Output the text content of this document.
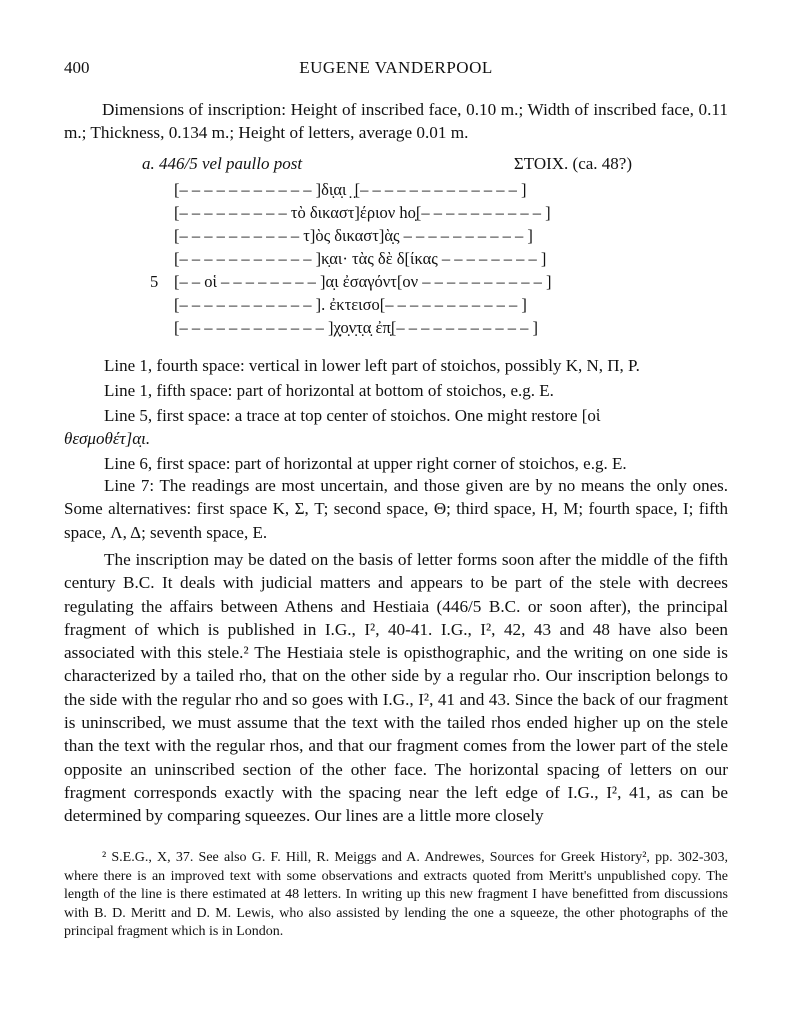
400	EUGENE VANDERPOOL
Dimensions of inscription: Height of inscribed face, 0.10 m.; Width of inscribed face, 0.11 m.; Thickness, 0.134 m.; Height of letters, average 0.01 m.
a. 446/5 vel paullo post	ΣTOIX. (ca. 48?)
[– – – – – – – – – – – ]δι̣α̣ι ̣ ̣[– – – – – – – – – – – – – ]
[– – – – – – – – – τὸ δικαστ]έριον hο̣[– – – – – – – – – – ]
[– – – – – – – – – – τ]ὸς δικαστ]ὰ̣ς – – – – – – – – – – ]
[– – – – – – – – – – – ]κ̣αι· τὰς δὲ δ[ίκας – – – – – – – – ]
5 [– – οἱ – – – – – – – – ]α̣ι ἐσαγόντ[ον – – – – – – – – – – ]
[– – – – – – – – – – – ]. ἐκτεισο[– – – – – – – – – – – ]
[– – – – – – – – – – – – ]χ̣ο̣ν̣τ̣α̣ ἐπ̣[– – – – – – – – – – – ]
Line 1, fourth space: vertical in lower left part of stoichos, possibly K, N, Π, P.
Line 1, fifth space: part of horizontal at bottom of stoichos, e.g. E.
Line 5, first space: a trace at top center of stoichos. One might restore [οἱ
θεσμοθέτ]α̣ι.
Line 6, first space: part of horizontal at upper right corner of stoichos, e.g. E.
Line 7: The readings are most uncertain, and those given are by no means the only ones. Some alternatives: first space K, Σ, T; second space, Θ; third space, H, M; fourth space, I; fifth space, Λ, Δ; seventh space, E.
The inscription may be dated on the basis of letter forms soon after the middle of the fifth century B.C. It deals with judicial matters and appears to be part of the stele with decrees regulating the affairs between Athens and Hestiaia (446/5 B.C. or soon after), the principal fragment of which is published in I.G., I², 40-41. I.G., I², 42, 43 and 48 have also been associated with this stele.² The Hestiaia stele is opisthographic, and the writing on one side is characterized by a tailed rho, that on the other side by a regular rho. Our inscription belongs to the side with the regular rho and so goes with I.G., I², 41 and 43. Since the back of our fragment is uninscribed, we must assume that the text with the tailed rhos ended higher up on the stele than the text with the regular rhos, and that our fragment comes from the lower part of the stele opposite an uninscribed section of the other face. The horizontal spacing of letters on our fragment corresponds exactly with the spacing near the left edge of I.G., I², 41, as can be determined by comparing squeezes. Our lines are a little more closely
² S.E.G., X, 37. See also G. F. Hill, R. Meiggs and A. Andrewes, Sources for Greek History², pp. 302-303, where there is an improved text with some observations and extracts quoted from Meritt's unpublished copy. The length of the line is there estimated at 48 letters. In writing up this new fragment I have benefitted from discussions with B. D. Meritt and D. M. Lewis, who also assisted by lending the one a squeeze, the other photographs of the principal fragment which is in London.
